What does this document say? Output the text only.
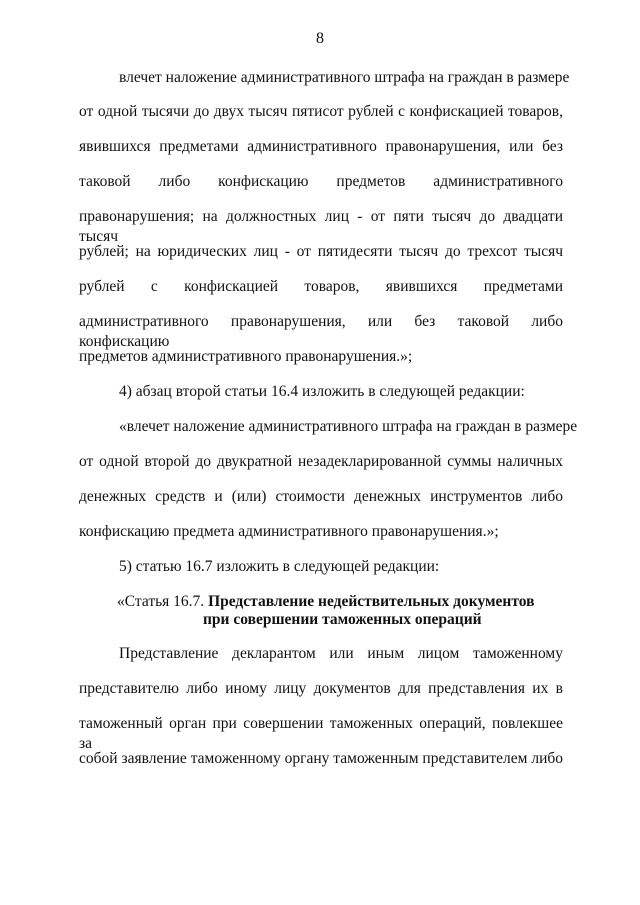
8
влечет наложение административного штрафа на граждан в размере
от одной тысячи до двух тысяч пятисот рублей с конфискацией товаров,
явившихся предметами административного правонарушения, или без
таковой либо конфискацию предметов административного
правонарушения; на должностных лиц - от пяти тысяч до двадцати тысяч
рублей; на юридических лиц - от пятидесяти тысяч до трехсот тысяч
рублей с конфискацией товаров, явившихся предметами
административного правонарушения, или без таковой либо конфискацию
предметов административного правонарушения.»;
4) абзац второй статьи 16.4 изложить в следующей редакции:
«влечет наложение административного штрафа на граждан в размере
от одной второй до двукратной незадекларированной суммы наличных
денежных средств и (или) стоимости денежных инструментов либо
конфискацию предмета административного правонарушения.»;
5) статью 16.7 изложить в следующей редакции:
«Статья 16.7. Представление недействительных документов
при совершении таможенных операций
Представление декларантом или иным лицом таможенному
представителю либо иному лицу документов для представления их в
таможенный орган при совершении таможенных операций, повлекшее за
собой заявление таможенному органу таможенным представителем либо
